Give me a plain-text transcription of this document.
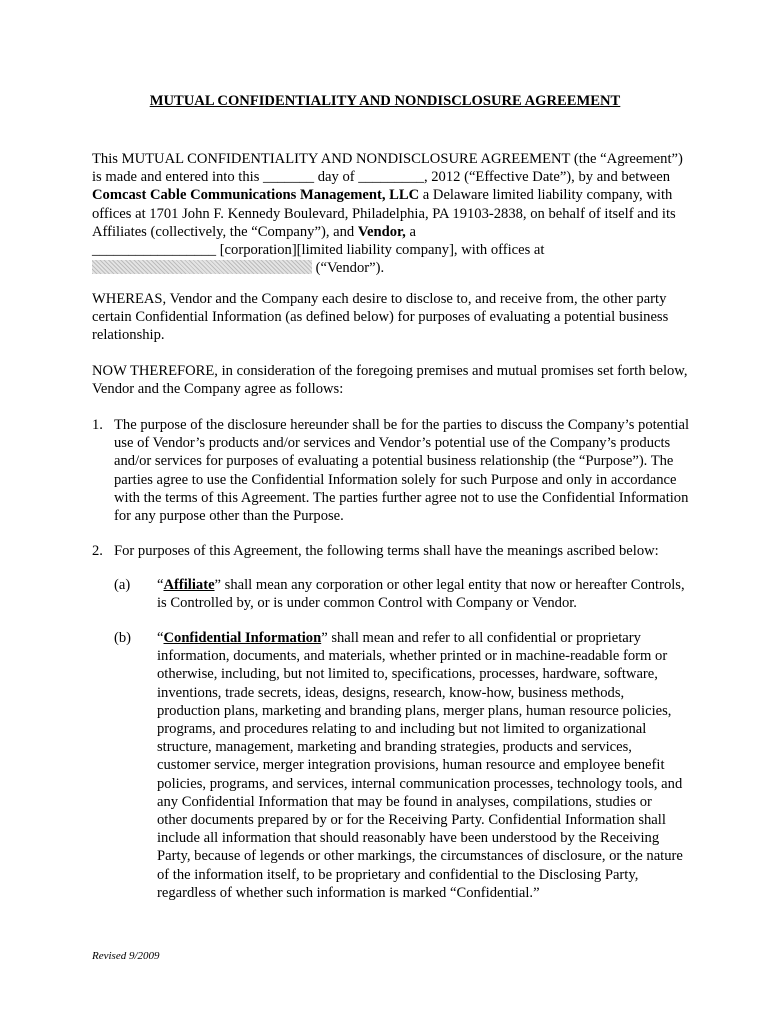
MUTUAL CONFIDENTIALITY AND NONDISCLOSURE AGREEMENT

This MUTUAL CONFIDENTIALITY AND NONDISCLOSURE AGREEMENT (the “Agreement”) is made and entered into this _______ day of _________, 2012 (“Effective Date”), by and between Comcast Cable Communications Management, LLC a Delaware limited liability company, with offices at 1701 John F. Kennedy Boulevard, Philadelphia, PA 19103-2838, on behalf of itself and its Affiliates (collectively, the “Company”), and Vendor, a
_________________ [corporation][limited liability company], with offices at
(“Vendor”).

WHEREAS, Vendor and the Company each desire to disclose to, and receive from, the other party certain Confidential Information (as defined below) for purposes of evaluating a potential business relationship.
NOW THEREFORE, in consideration of the foregoing premises and mutual promises set forth below, Vendor and the Company agree as follows:
1. The purpose of the disclosure hereunder shall be for the parties to discuss the Company’s potential use of Vendor’s products and/or services and Vendor’s potential use of the Company’s products and/or services for purposes of evaluating a potential business relationship (the “Purpose”). The parties agree to use the Confidential Information solely for such Purpose and only in accordance with the terms of this Agreement. The parties further agree not to use the Confidential Information for any purpose other than the Purpose.
2. For purposes of this Agreement, the following terms shall have the meanings ascribed below:
(a) “Affiliate” shall mean any corporation or other legal entity that now or hereafter Controls, is Controlled by, or is under common Control with Company or Vendor.
(b) “Confidential Information” shall mean and refer to all confidential or proprietary information, documents, and materials, whether printed or in machine-readable form or otherwise, including, but not limited to, specifications, processes, hardware, software, inventions, trade secrets, ideas, designs, research, know-how, business methods, production plans, marketing and branding plans, merger plans, human resource policies, programs, and procedures relating to and including but not limited to organizational structure, management, marketing and branding strategies, products and services, customer service, merger integration provisions, human resource and employee benefit policies, programs, and services, internal communication processes, technology tools, and any Confidential Information that may be found in analyses, compilations, studies or other documents prepared by or for the Receiving Party. Confidential Information shall include all information that should reasonably have been understood by the Receiving Party, because of legends or other markings, the circumstances of disclosure, or the nature of the information itself, to be proprietary and confidential to the Disclosing Party, regardless of whether such information is marked “Confidential.”
Revised 9/2009
